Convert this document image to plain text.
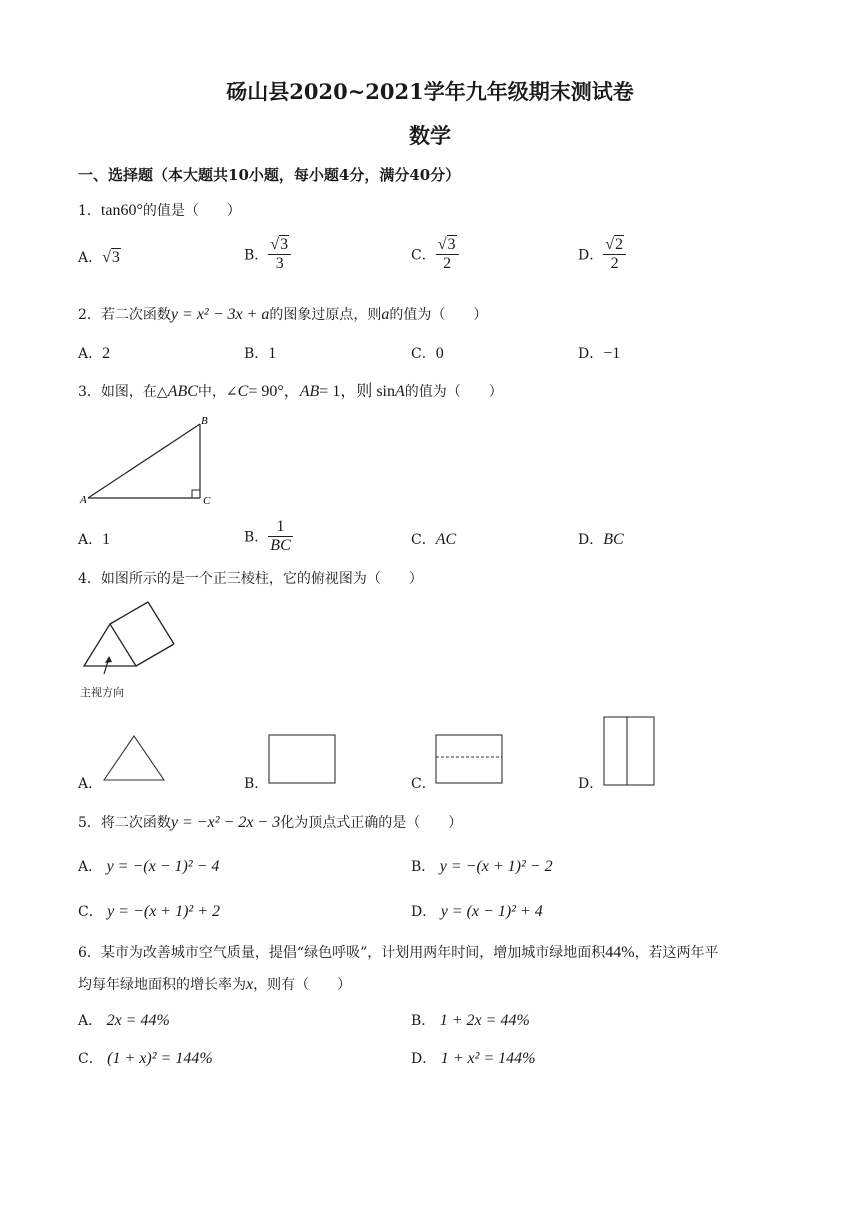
砀山县2020~2021学年九年级期末测试卷
数学
一、选择题（本大题共10小题，每小题4分，满分40分）
1．tan60°的值是（　　）
A．√3	B． $\frac{√3}{3}$	C． $\frac{√3}{2}$	D． $\frac{√2}{2}$
2．若二次函数y = x² − 3x + a的图象过原点，则a的值为（　　）
A．2	B．1	C．0	D．−1
3．如图，在△ABC中，∠C= 90°，AB= 1，则 sinA的值为（　　）
A
B
C
A．1	B． $\frac{1}{BC}$	C．AC	D．BC
4．如图所示的是一个正三棱柱，它的俯视图为（　　）
主视方向
A．	B．	C．	D．
5．将二次函数y = −x² − 2x − 3化为顶点式正确的是（　　）
A． y = −(x − 1)² − 4	B． y = −(x + 1)² − 2
C． y = −(x + 1)² + 2	D． y = (x − 1)² + 4
6．某市为改善城市空气质量，提倡“绿色呼吸”，计划用两年时间，增加城市绿地面积44%，若这两年平
均每年绿地面积的增长率为x，则有（　　）
A． 2x = 44%	B． 1 + 2x = 44%
C． (1 + x)² = 144%	D． 1 + x² = 144%
